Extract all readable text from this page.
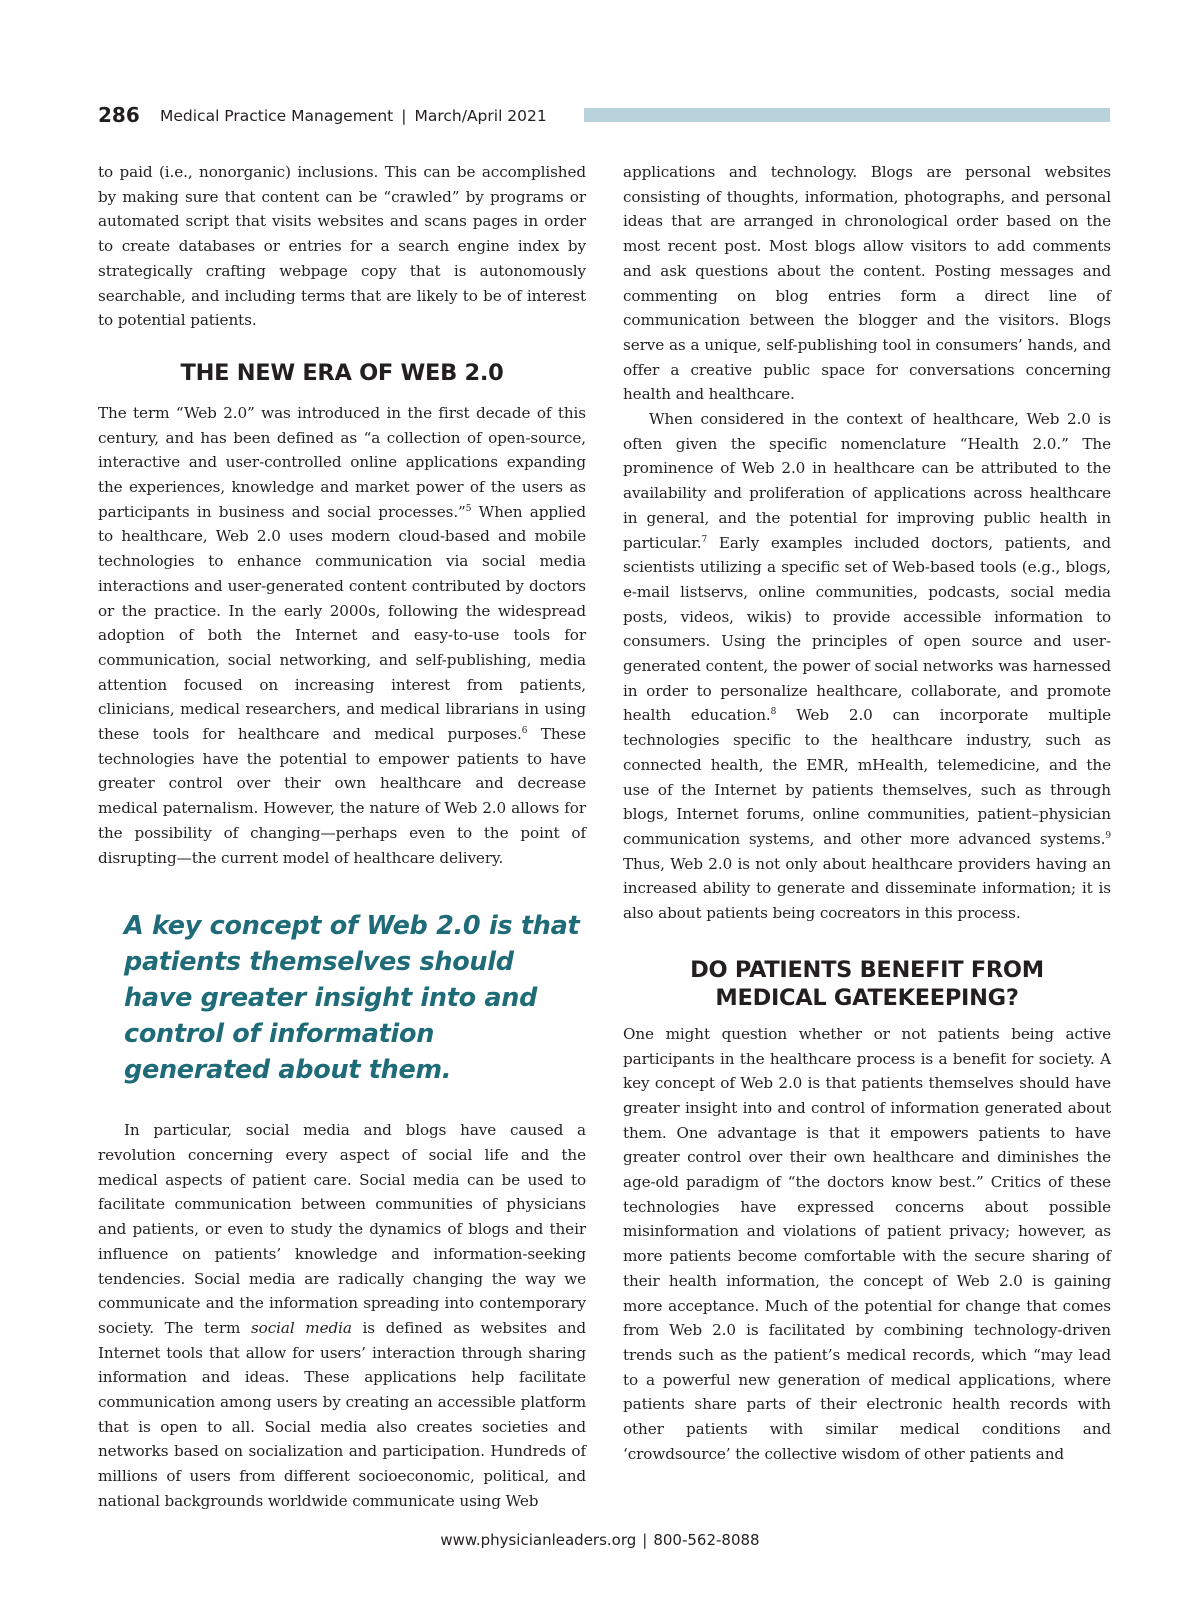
286 Medical Practice Management | March/April 2021

to paid (i.e., nonorganic) inclusions. This can be accomplished by making sure that content can be “crawled” by programs or automated script that visits websites and scans pages in order to create databases or entries for a search engine index by strategically crafting webpage copy that is autonomously searchable, and including terms that are likely to be of interest to potential patients.

THE NEW ERA OF WEB 2.0

The term “Web 2.0” was introduced in the first decade of this century, and has been defined as “a collection of open-source, interactive and user-controlled online applications expanding the experiences, knowledge and market power of the users as participants in business and social processes.”$^5$ When applied to healthcare, Web 2.0 uses modern cloud-based and mobile technologies to enhance communication via social media interactions and user-generated content contributed by doctors or the practice. In the early 2000s, following the widespread adoption of both the Internet and easy-to-use tools for communication, social networking, and self-publishing, media attention focused on increasing interest from patients, clinicians, medical researchers, and medical librarians in using these tools for healthcare and medical purposes.$^6$ These technologies have the potential to empower patients to have greater control over their own healthcare and decrease medical paternalism. However, the nature of Web 2.0 allows for the possibility of changing—perhaps even to the point of disrupting—the current model of healthcare delivery.

A key concept of Web 2.0 is that patients themselves should have greater insight into and control of information generated about them.

In particular, social media and blogs have caused a revolution concerning every aspect of social life and the medical aspects of patient care. Social media can be used to facilitate communication between communities of physicians and patients, or even to study the dynamics of blogs and their influence on patients’ knowledge and information-seeking tendencies. Social media are radically changing the way we communicate and the information spreading into contemporary society. The term social media is defined as websites and Internet tools that allow for users’ interaction through sharing information and ideas. These applications help facilitate communication among users by creating an accessible platform that is open to all. Social media also creates societies and networks based on socialization and participation. Hundreds of millions of users from different socioeconomic, political, and national backgrounds worldwide communicate using Web

applications and technology. Blogs are personal websites consisting of thoughts, information, photographs, and personal ideas that are arranged in chronological order based on the most recent post. Most blogs allow visitors to add comments and ask questions about the content. Posting messages and commenting on blog entries form a direct line of communication between the blogger and the visitors. Blogs serve as a unique, self-publishing tool in consumers’ hands, and offer a creative public space for conversations concerning health and healthcare.

When considered in the context of healthcare, Web 2.0 is often given the specific nomenclature “Health 2.0.” The prominence of Web 2.0 in healthcare can be attributed to the availability and proliferation of applications across healthcare in general, and the potential for improving public health in particular.$^7$ Early examples included doctors, patients, and scientists utilizing a specific set of Web-based tools (e.g., blogs, e-mail listservs, online communities, podcasts, social media posts, videos, wikis) to provide accessible information to consumers. Using the principles of open source and user-generated content, the power of social networks was harnessed in order to personalize healthcare, collaborate, and promote health education.$^8$ Web 2.0 can incorporate multiple technologies specific to the healthcare industry, such as connected health, the EMR, mHealth, telemedicine, and the use of the Internet by patients themselves, such as through blogs, Internet forums, online communities, patient–physician communication systems, and other more advanced systems.$^9$ Thus, Web 2.0 is not only about healthcare providers having an increased ability to generate and disseminate information; it is also about patients being cocreators in this process.

DO PATIENTS BENEFIT FROM MEDICAL GATEKEEPING?

One might question whether or not patients being active participants in the healthcare process is a benefit for society. A key concept of Web 2.0 is that patients themselves should have greater insight into and control of information generated about them. One advantage is that it empowers patients to have greater control over their own healthcare and diminishes the age-old paradigm of “the doctors know best.” Critics of these technologies have expressed concerns about possible misinformation and violations of patient privacy; however, as more patients become comfortable with the secure sharing of their health information, the concept of Web 2.0 is gaining more acceptance. Much of the potential for change that comes from Web 2.0 is facilitated by combining technology-driven trends such as the patient’s medical records, which “may lead to a powerful new generation of medical applications, where patients share parts of their electronic health records with other patients with similar medical conditions and ‘crowdsource’ the collective wisdom of other patients and

www.physicianleaders.org | 800-562-8088
